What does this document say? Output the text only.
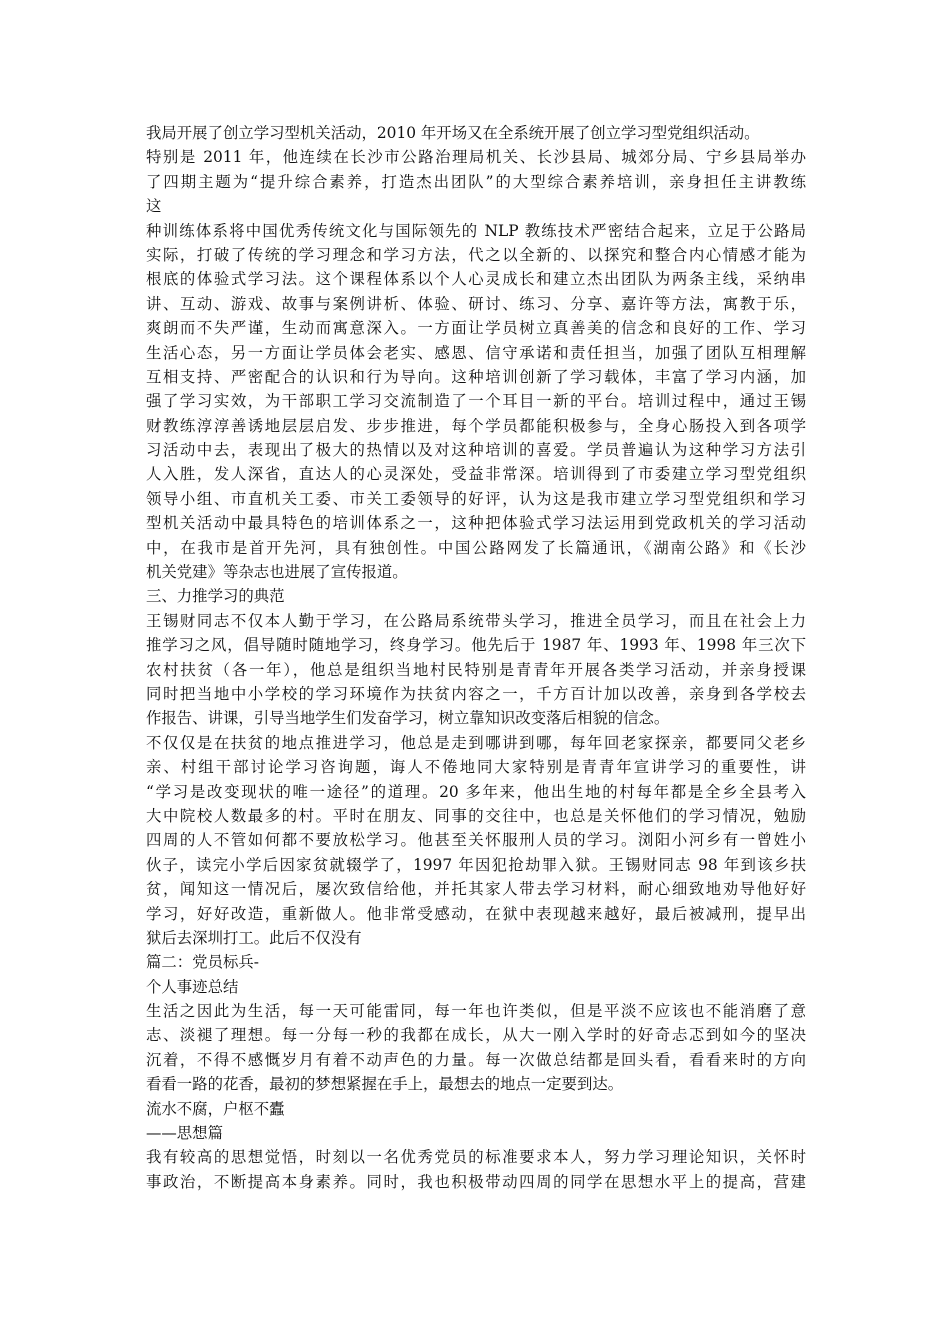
我局开展了创立学习型机关活动，2010 年开场又在全系统开展了创立学习型党组织活动。
特别是 2011 年，他连续在长沙市公路治理局机关、长沙县局、城郊分局、宁乡县局举办
了四期主题为“提升综合素养，打造杰出团队”的大型综合素养培训，亲身担任主讲教练
这
种训练体系将中国优秀传统文化与国际领先的 NLP 教练技术严密结合起来，立足于公路局
实际，打破了传统的学习理念和学习方法，代之以全新的、以探究和整合内心情感才能为
根底的体验式学习法。这个课程体系以个人心灵成长和建立杰出团队为两条主线，采纳串
讲、互动、游戏、故事与案例讲析、体验、研讨、练习、分享、嘉许等方法，寓教于乐，
爽朗而不失严谨，生动而寓意深入。一方面让学员树立真善美的信念和良好的工作、学习
生活心态，另一方面让学员体会老实、感恩、信守承诺和责任担当，加强了团队互相理解
互相支持、严密配合的认识和行为导向。这种培训创新了学习载体，丰富了学习内涵，加
强了学习实效，为干部职工学习交流制造了一个耳目一新的平台。培训过程中，通过王锡
财教练淳淳善诱地层层启发、步步推进，每个学员都能积极参与，全身心肠投入到各项学
习活动中去，表现出了极大的热情以及对这种培训的喜爱。学员普遍认为这种学习方法引
人入胜，发人深省，直达人的心灵深处，受益非常深。培训得到了市委建立学习型党组织
领导小组、市直机关工委、市关工委领导的好评，认为这是我市建立学习型党组织和学习
型机关活动中最具特色的培训体系之一，这种把体验式学习法运用到党政机关的学习活动
中，在我市是首开先河，具有独创性。中国公路网发了长篇通讯，《湖南公路》和《长沙
机关党建》等杂志也进展了宣传报道。
三、力推学习的典范
王锡财同志不仅本人勤于学习，在公路局系统带头学习，推进全员学习，而且在社会上力
推学习之风，倡导随时随地学习，终身学习。他先后于 1987 年、1993 年、1998 年三次下
农村扶贫（各一年），他总是组织当地村民特别是青青年开展各类学习活动，并亲身授课
同时把当地中小学校的学习环境作为扶贫内容之一，千方百计加以改善，亲身到各学校去
作报告、讲课，引导当地学生们发奋学习，树立靠知识改变落后相貌的信念。
不仅仅是在扶贫的地点推进学习，他总是走到哪讲到哪，每年回老家探亲，都要同父老乡
亲、村组干部讨论学习咨询题，诲人不倦地同大家特别是青青年宣讲学习的重要性，讲
“学习是改变现状的唯一途径”的道理。20 多年来，他出生地的村每年都是全乡全县考入
大中院校人数最多的村。平时在朋友、同事的交往中，也总是关怀他们的学习情况，勉励
四周的人不管如何都不要放松学习。他甚至关怀服刑人员的学习。浏阳小河乡有一曾姓小
伙子，读完小学后因家贫就辍学了，1997 年因犯抢劫罪入狱。王锡财同志 98 年到该乡扶
贫，闻知这一情况后，屡次致信给他，并托其家人带去学习材料，耐心细致地劝导他好好
学习，好好改造，重新做人。他非常受感动，在狱中表现越来越好，最后被减刑，提早出
狱后去深圳打工。此后不仅没有
篇二：党员标兵-
个人事迹总结
生活之因此为生活，每一天可能雷同，每一年也许类似，但是平淡不应该也不能消磨了意
志、淡褪了理想。每一分每一秒的我都在成长，从大一刚入学时的好奇忐忑到如今的坚决
沉着，不得不感慨岁月有着不动声色的力量。每一次做总结都是回头看，看看来时的方向
看看一路的花香，最初的梦想紧握在手上，最想去的地点一定要到达。
流水不腐，户枢不蠹
——思想篇
我有较高的思想觉悟，时刻以一名优秀党员的标准要求本人，努力学习理论知识，关怀时
事政治，不断提高本身素养。同时，我也积极带动四周的同学在思想水平上的提高，营建
